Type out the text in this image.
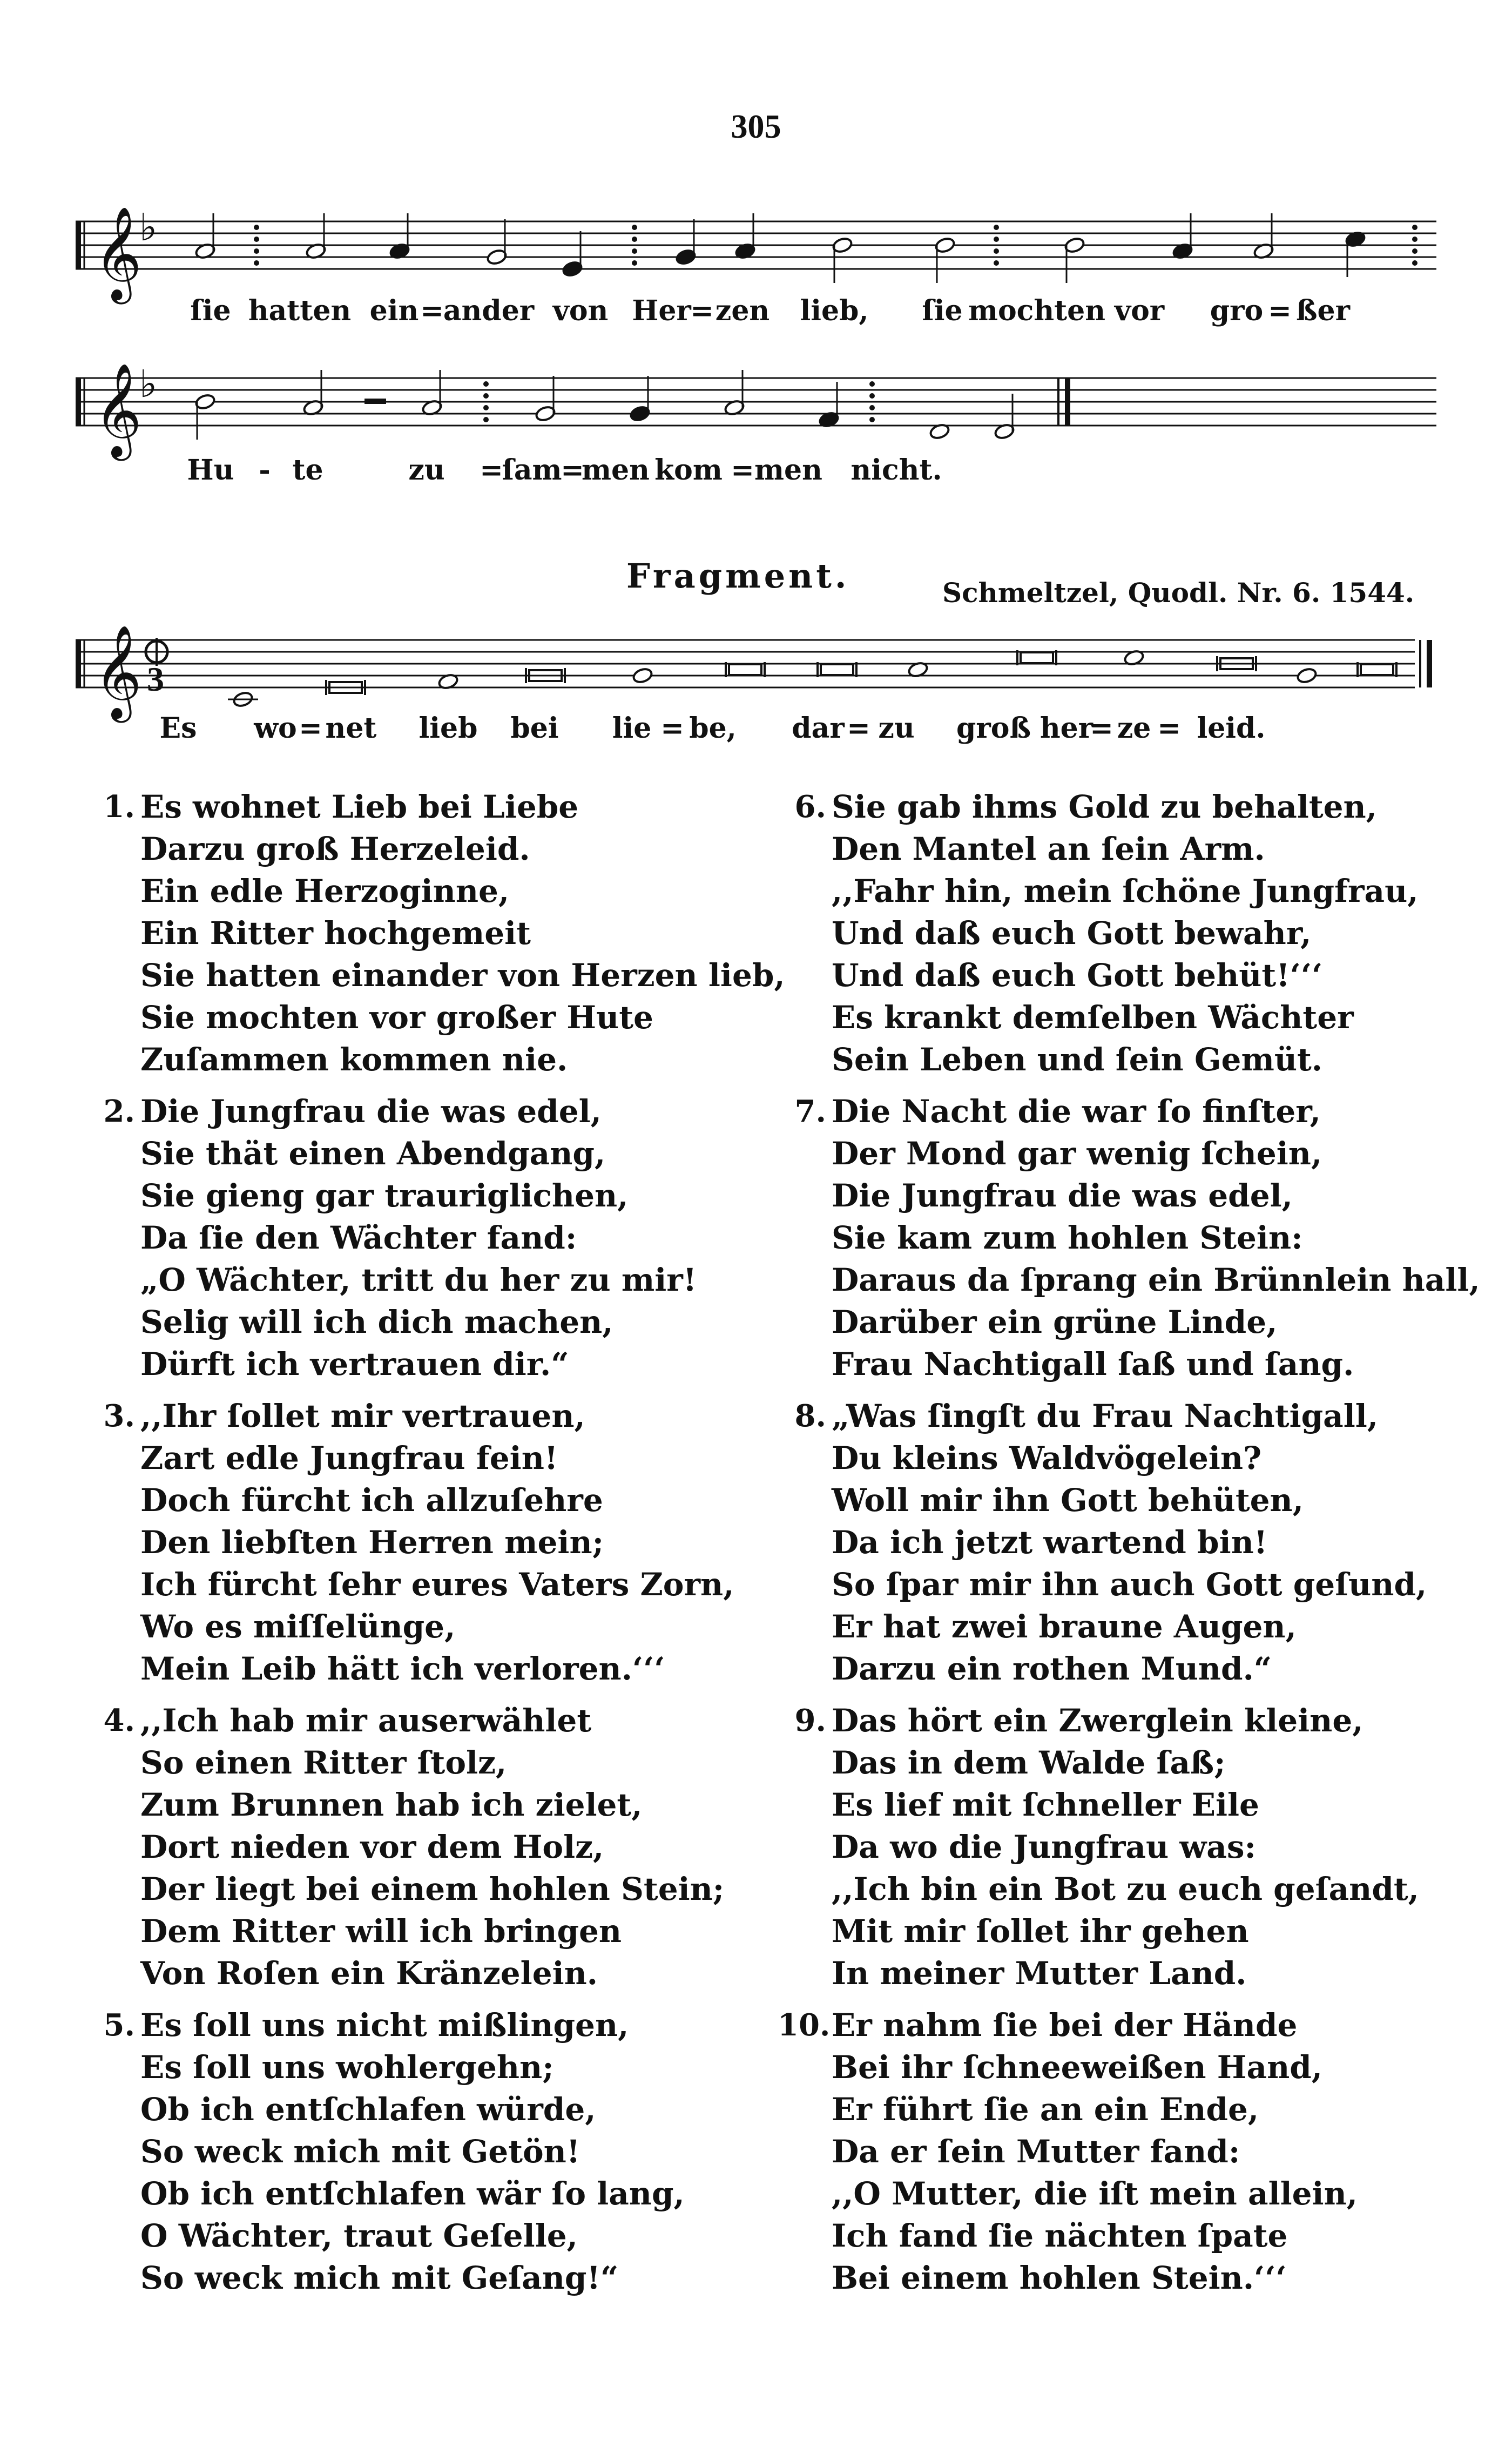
305
𝄞
♭
ſie hatten ein = ander von Her
= zen lieb, ſie mochten vor gro = ßer
𝄞
♭
Hu - te	zu =
ſam
=
men kom = men nicht.
Fragment.	Schmeltzel, Quodl. Nr. 6. 1544.
𝄞 3
Es wo = net lieb bei lie = be, dar = zu groß her
= ze = leid.
1. Es wohnet Lieb bei Liebe
Darzu groß Herzeleid.
Ein edle Herzoginne,
Ein Ritter hochgemeit
Sie hatten einander von Herzen lieb,
Sie mochten vor großer Hute
Zuſammen kommen nie.
2. Die Jungfrau die was edel,
Sie thät einen Abendgang,
Sie gieng gar trauriglichen,
Da ſie den Wächter fand:
„O Wächter, tritt du her zu mir!
Selig will ich dich machen,
Dürft ich vertrauen dir.“
3. ,,Ihr ſollet mir vertrauen,
Zart edle Jungfrau fein!
Doch fürcht ich allzuſehre
Den liebſten Herren mein;
Ich fürcht ſehr eures Vaters Zorn,
Wo es miſſelünge,
Mein Leib hätt ich verloren.‘‘‘
4. ,,Ich hab mir auserwählet
So einen Ritter ſtolz,
Zum Brunnen hab ich zielet,
Dort nieden vor dem Holz,
Der liegt bei einem hohlen Stein;
Dem Ritter will ich bringen
Von Roſen ein Kränzelein.
5. Es ſoll uns nicht mißlingen,
Es ſoll uns wohlergehn;
Ob ich entſchlafen würde,
So weck mich mit Getön!
Ob ich entſchlafen wär ſo lang,
O Wächter, traut Geſelle,
So weck mich mit Geſang!“
6. Sie gab ihms Gold zu behalten,
Den Mantel an ſein Arm.
,,Fahr hin, mein ſchöne Jungfrau,
Und daß euch Gott bewahr,
Und daß euch Gott behüt!‘‘‘
Es krankt demſelben Wächter
Sein Leben und ſein Gemüt.
7. Die Nacht die war ſo finſter,
Der Mond gar wenig ſchein,
Die Jungfrau die was edel,
Sie kam zum hohlen Stein:
Daraus da ſprang ein Brünnlein hall,
Darüber ein grüne Linde,
Frau Nachtigall ſaß und ſang.
8. „Was ſingſt du Frau Nachtigall,
Du kleins Waldvögelein?
Woll mir ihn Gott behüten,
Da ich jetzt wartend bin!
So ſpar mir ihn auch Gott geſund,
Er hat zwei braune Augen,
Darzu ein rothen Mund.“
9. Das hört ein Zwerglein kleine,
Das in dem Walde ſaß;
Es lief mit ſchneller Eile
Da wo die Jungfrau was:
,,Ich bin ein Bot zu euch geſandt,
Mit mir ſollet ihr gehen
In meiner Mutter Land.
10. Er nahm ſie bei der Hände
Bei ihr ſchneeweißen Hand,
Er führt ſie an ein Ende,
Da er ſein Mutter fand:
,,O Mutter, die iſt mein allein,
Ich fand ſie nächten ſpate
Bei einem hohlen Stein.‘‘‘
